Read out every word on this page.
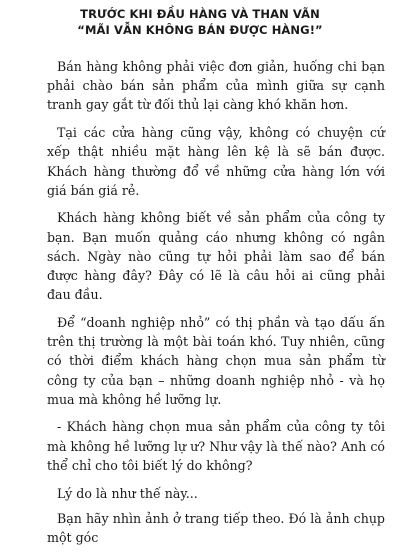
TRƯỚC KHI ĐẦU HÀNG VÀ THAN VÃN
“MÃI VẪN KHÔNG BÁN ĐƯỢC HÀNG!”

Bán hàng không phải việc đơn giản, huống chi bạn phải chào bán sản phẩm của mình giữa sự cạnh tranh gay gắt từ đối thủ lại càng khó khăn hơn.

Tại các cửa hàng cũng vậy, không có chuyện cứ xếp thật nhiều mặt hàng lên kệ là sẽ bán được. Khách hàng thường đổ về những cửa hàng lớn với giá bán giá rẻ.

Khách hàng không biết về sản phẩm của công ty bạn. Bạn muốn quảng cáo nhưng không có ngân sách. Ngày nào cũng tự hỏi phải làm sao để bán được hàng đây? Đây có lẽ là câu hỏi ai cũng phải đau đầu.

Để “doanh nghiệp nhỏ” có thị phần và tạo dấu ấn trên thị trường là một bài toán khó. Tuy nhiên, cũng có thời điểm khách hàng chọn mua sản phẩm từ công ty của bạn – những doanh nghiệp nhỏ - và họ mua mà không hề lưỡng lự.

- Khách hàng chọn mua sản phẩm của công ty tôi mà không hề lưỡng lự ư? Như vậy là thế nào? Anh có thể chỉ cho tôi biết lý do không?

Lý do là như thế này...

Bạn hãy nhìn ảnh ở trang tiếp theo. Đó là ảnh chụp một góc
